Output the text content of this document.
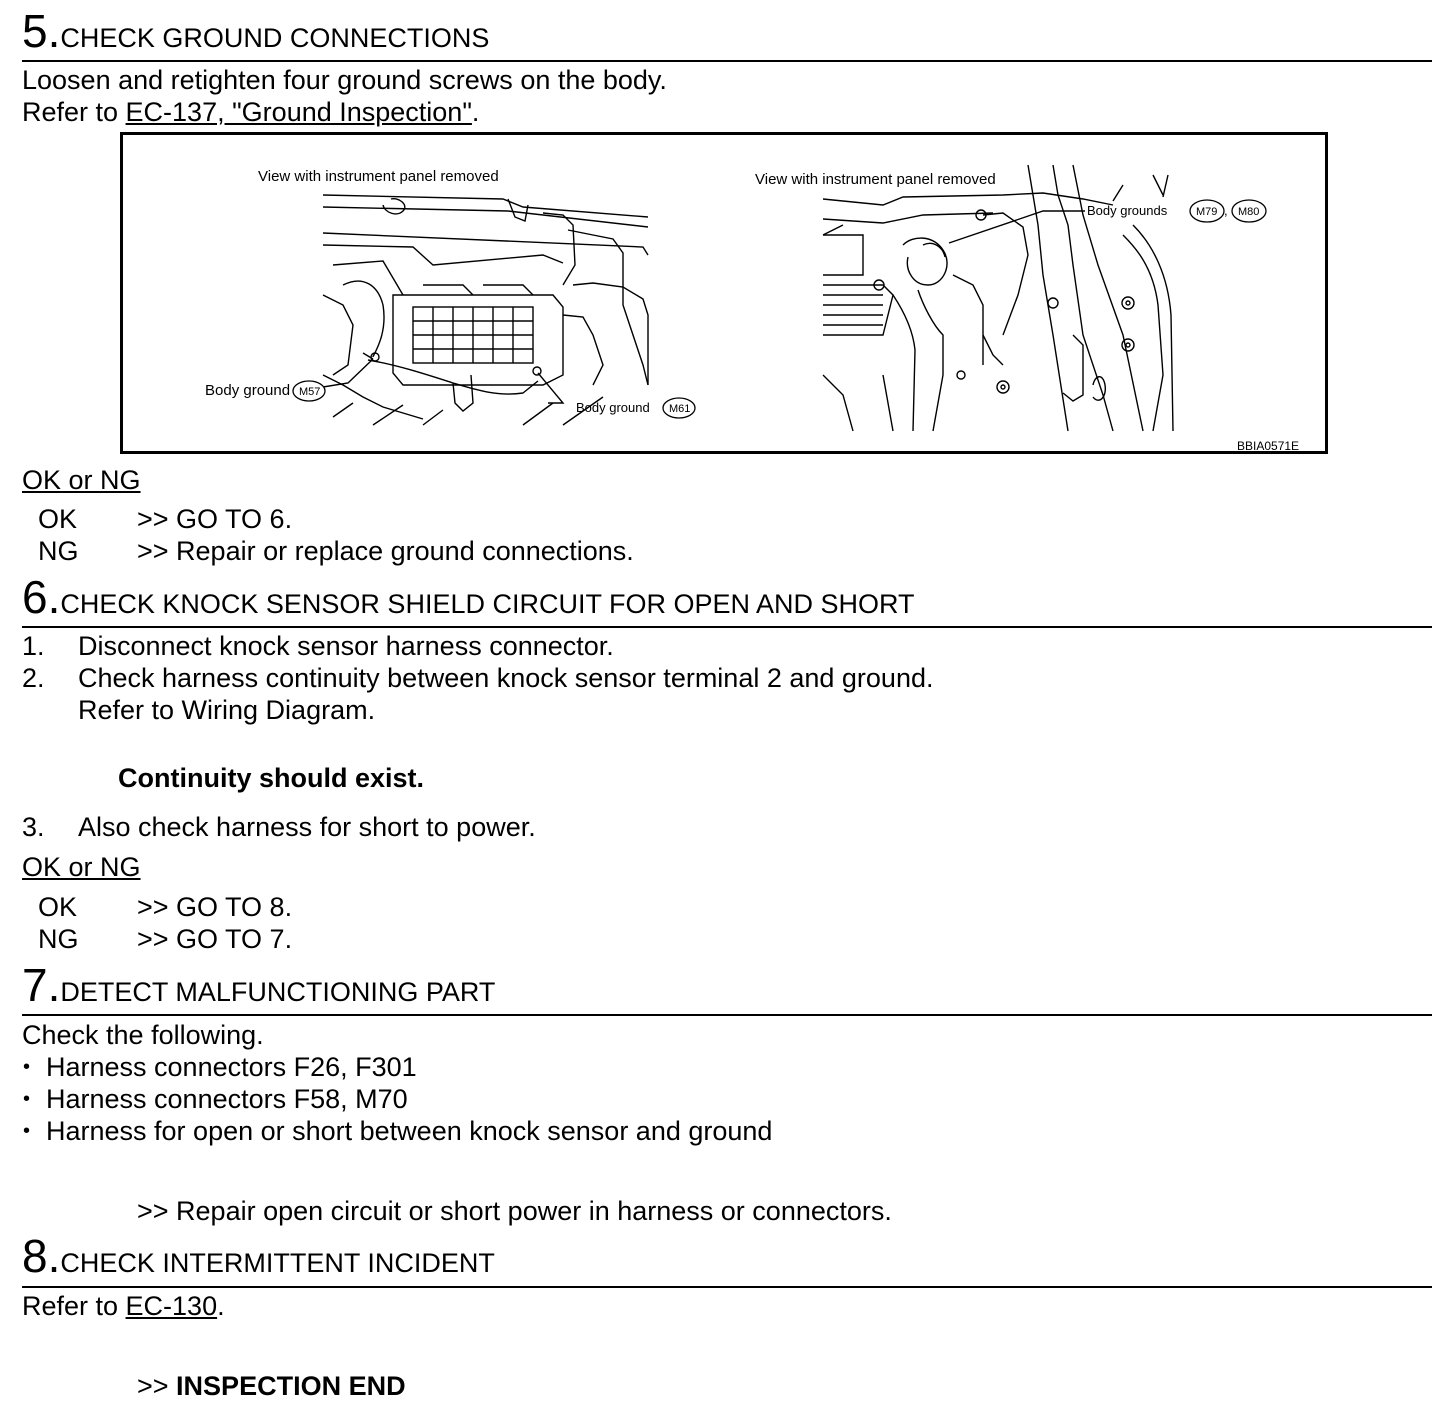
5.CHECK GROUND CONNECTIONS
Loosen and retighten four ground screws on the body.
Refer to EC-137, "Ground Inspection".
View with instrument panel removed	View with instrument panel removed
Body ground M57
Body ground M61
Body grounds	M79 , M80
BBIA0571E
OK or NG
OK >> GO TO 6.
NG >> Repair or replace ground connections.
6.CHECK KNOCK SENSOR SHIELD CIRCUIT FOR OPEN AND SHORT
1. Disconnect knock sensor harness connector.
2. Check harness continuity between knock sensor terminal 2 and ground.
Refer to Wiring Diagram.
Continuity should exist.
3. Also check harness for short to power.
OK or NG
OK >> GO TO 8.
NG >> GO TO 7.
7.DETECT MALFUNCTIONING PART
Check the following.
• Harness connectors F26, F301
• Harness connectors F58, M70
• Harness for open or short between knock sensor and ground
>> Repair open circuit or short power in harness or connectors.
8.CHECK INTERMITTENT INCIDENT
Refer to EC-130.
>> INSPECTION END
